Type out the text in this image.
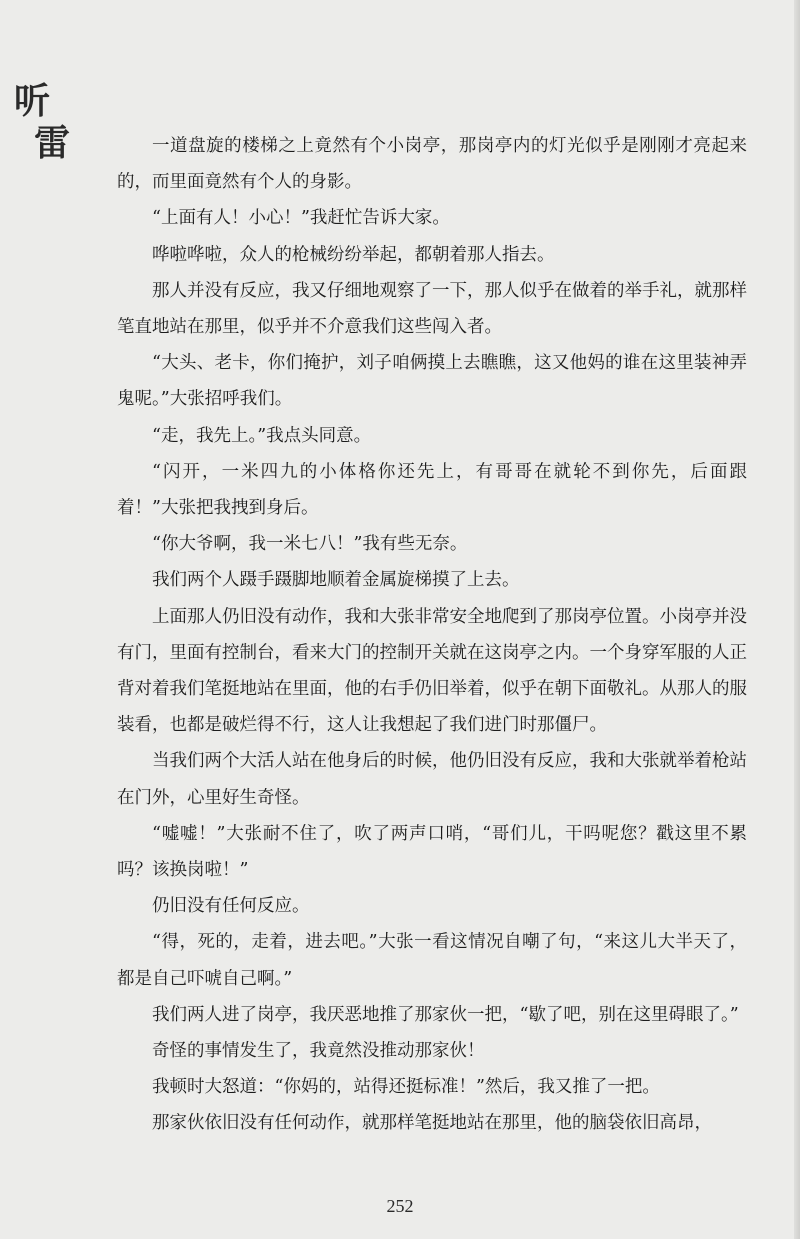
听
雷	一道盘旋的楼梯之上竟然有个小岗亭，那岗亭内的灯光似乎是刚刚才亮起来的，而里面竟然有个人的身影。

“上面有人！小心！”我赶忙告诉大家。

哗啦哗啦，众人的枪械纷纷举起，都朝着那人指去。

那人并没有反应，我又仔细地观察了一下，那人似乎在做着的举手礼，就那样笔直地站在那里，似乎并不介意我们这些闯入者。

“大头、老卡，你们掩护，刘子咱俩摸上去瞧瞧，这又他妈的谁在这里装神弄鬼呢。”大张招呼我们。

“走，我先上。”我点头同意。

“闪开，一米四九的小体格你还先上，有哥哥在就轮不到你先，后面跟着！”大张把我拽到身后。

“你大爷啊，我一米七八！”我有些无奈。

我们两个人蹑手蹑脚地顺着金属旋梯摸了上去。

上面那人仍旧没有动作，我和大张非常安全地爬到了那岗亭位置。小岗亭并没有门，里面有控制台，看来大门的控制开关就在这岗亭之内。一个身穿军服的人正背对着我们笔挺地站在里面，他的右手仍旧举着，似乎在朝下面敬礼。从那人的服装看，也都是破烂得不行，这人让我想起了我们进门时那僵尸。

当我们两个大活人站在他身后的时候，他仍旧没有反应，我和大张就举着枪站在门外，心里好生奇怪。

“嘘嘘！”大张耐不住了，吹了两声口哨，“哥们儿，干吗呢您？戳这里不累吗？该换岗啦！”

仍旧没有任何反应。

“得，死的，走着，进去吧。”大张一看这情况自嘲了句，“来这儿大半天了，都是自己吓唬自己啊。”

我们两人进了岗亭，我厌恶地推了那家伙一把，“歇了吧，别在这里碍眼了。”

奇怪的事情发生了，我竟然没推动那家伙！

我顿时大怒道：“你妈的，站得还挺标准！”然后，我又推了一把。

那家伙依旧没有任何动作，就那样笔挺地站在那里，他的脑袋依旧高昂，

252
